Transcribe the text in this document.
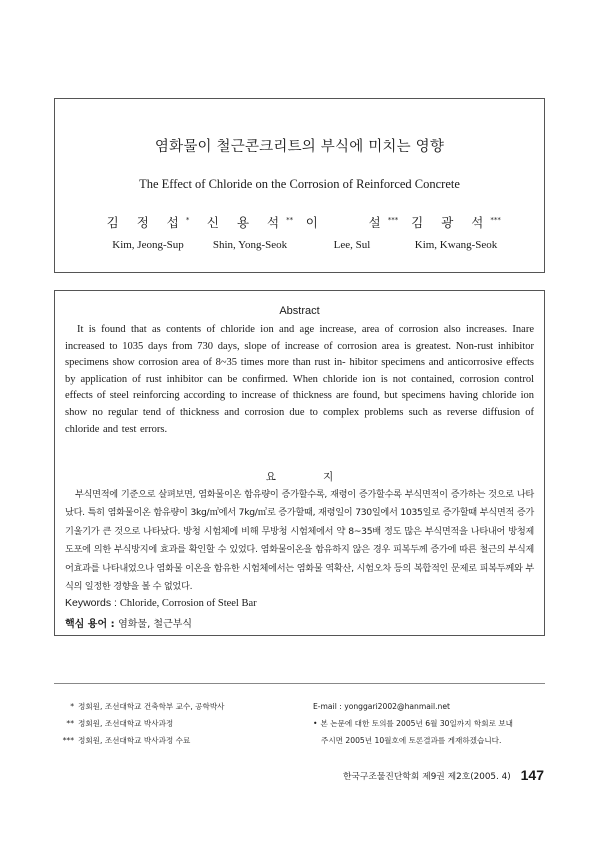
염화물이 철근콘크리트의 부식에 미치는 영향
The Effect of Chloride on the Corrosion of Reinforced Concrete
김 정 섭*
Kim, Jeong-Sup
신 용 석**
Shin, Yong-Seok
이    설***
Lee, Sul
김 광 석***
Kim, Kwang-Seok
Abstract
It is found that as contents of chloride ion and age increase, area of corrosion also increases. Inare increased to 1035 days from 730 days, slope of increase of corrosion area is greatest. Non-rust inhibitor specimens show corrosion area of 8~35 times more than rust in- hibitor specimens and anticorrosive effects by application of rust inhibitor can be confirmed. When chloride ion is not contained, corrosion control effects of steel reinforcing according to increase of thickness are found, but specimens having chloride ion show no regular tend of thickness and corrosion due to complex problems such as reverse diffusion of chloride and test errors.
요 지
부식면적에 기준으로 살펴보면, 염화물이온 함유량이 증가할수록, 재령이 증가할수록 부식면적이 증가하는 것으로 나타났다. 특히 염화물이온 함유량이 3kg/㎥에서 7kg/㎥로 증가할때, 재령일이 730일에서 1035일로 증가할때 부식면적 증가 기울기가 큰 것으로 나타났다. 방청 시험체에 비해 무방청 시험체에서 약 8~35배 정도 많은 부식면적을 나타내어 방청제 도포에 의한 부식방지에 효과를 확인할 수 있었다. 염화물이온을 함유하지 않은 경우 피복두께 증가에 따른 철근의 부식제어효과를 나타내었으나 염화물 이온을 함유한 시험체에서는 염화물 역확산, 시험오차 등의 복합적인 문제로 피복두께와 부식의 일정한 경향을 볼 수 없었다.
Keywords : Chloride, Corrosion of Steel Bar
핵심 용어 : 염화물, 철근부식
* 정회원, 조선대학교 건축학부 교수, 공학박사
** 정회원, 조선대학교 박사과정
*** 정회원, 조선대학교 박사과정 수료
E-mail : yonggari2002@hanmail.net
• 본 논문에 대한 토의를 2005년 6월 30일까지 학회로 보내
주시면 2005년 10월호에 토론결과를 게재하겠습니다.
한국구조물진단학회 제9권 제2호(2005. 4) 147
